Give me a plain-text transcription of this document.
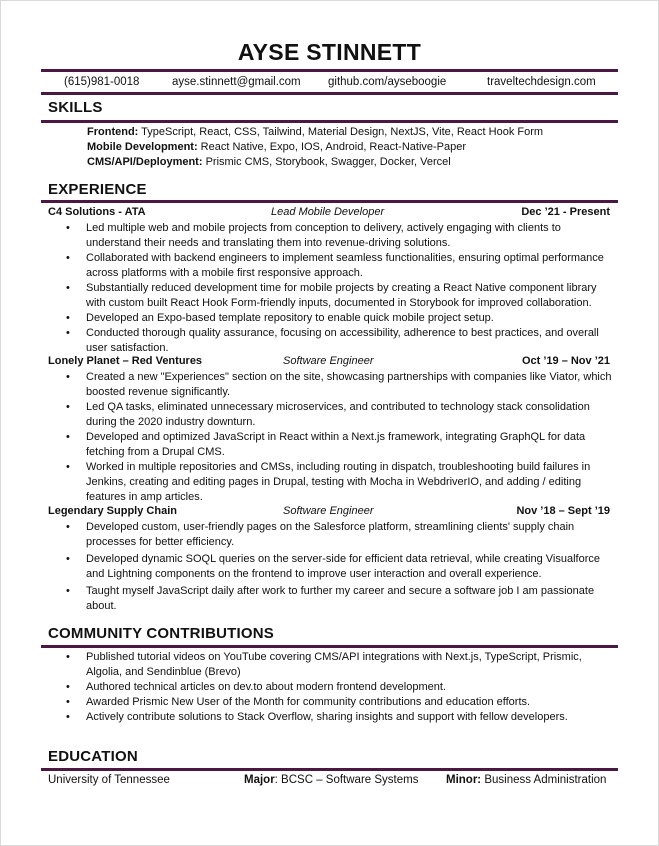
AYSE STINNETT
(615)981-0018	ayse.stinnett@gmail.com github.com/ayseboogie	traveltechdesign.com
SKILLS
Frontend: TypeScript, React, CSS, Tailwind, Material Design, NextJS, Vite, React Hook Form
Mobile Development: React Native, Expo, IOS, Android, React-Native-Paper
CMS/API/Deployment: Prismic CMS, Storybook, Swagger, Docker, Vercel
EXPERIENCE
C4 Solutions - ATA	Lead Mobile Developer	Dec ’21 - Present
• Led multiple web and mobile projects from conception to delivery, actively engaging with clients to understand their needs and translating them into revenue-driving solutions.
• Collaborated with backend engineers to implement seamless functionalities, ensuring optimal performance across platforms with a mobile first responsive approach.
• Substantially reduced development time for mobile projects by creating a React Native component library with custom built React Hook Form-friendly inputs, documented in Storybook for improved collaboration.
• Developed an Expo-based template repository to enable quick mobile project setup.
• Conducted thorough quality assurance, focusing on accessibility, adherence to best practices, and overall user satisfaction.
Lonely Planet – Red Ventures	Software Engineer	Oct ’19 – Nov ’21
• Created a new "Experiences" section on the site, showcasing partnerships with companies like Viator, which boosted revenue significantly.
• Led QA tasks, eliminated unnecessary microservices, and contributed to technology stack consolidation during the 2020 industry downturn.
• Developed and optimized JavaScript in React within a Next.js framework, integrating GraphQL for data fetching from a Drupal CMS.
• Worked in multiple repositories and CMSs, including routing in dispatch, troubleshooting build failures in Jenkins, creating and editing pages in Drupal, testing with Mocha in WebdriverIO, and adding / editing features in amp articles.
Legendary Supply Chain	Software Engineer	Nov ’18 – Sept ’19
• Developed custom, user-friendly pages on the Salesforce platform, streamlining clients' supply chain processes for better efficiency.
• Developed dynamic SOQL queries on the server-side for efficient data retrieval, while creating Visualforce and Lightning components on the frontend to improve user interaction and overall experience.
• Taught myself JavaScript daily after work to further my career and secure a software job I am passionate about.
COMMUNITY CONTRIBUTIONS
• Published tutorial videos on YouTube covering CMS/API integrations with Next.js, TypeScript, Prismic, Algolia, and Sendinblue (Brevo)
• Authored technical articles on dev.to about modern frontend development.
• Awarded Prismic New User of the Month for community contributions and education efforts.
• Actively contribute solutions to Stack Overflow, sharing insights and support with fellow developers.
EDUCATION
University of Tennessee	Major: BCSC – Software Systems Minor: Business Administration
